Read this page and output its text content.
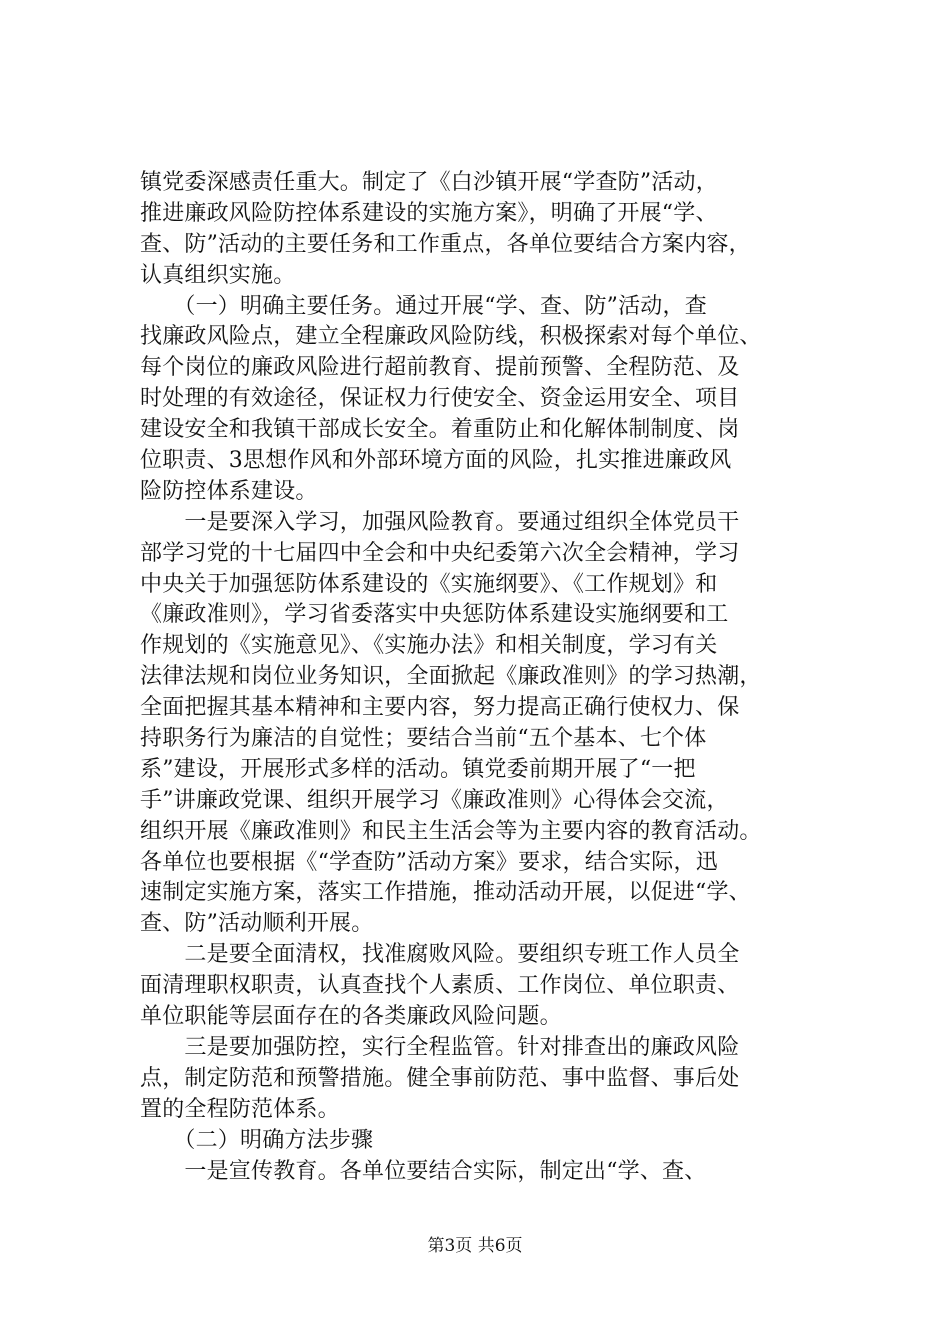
镇党委深感责任重大。制定了《白沙镇开展“学查防”活动，
推进廉政风险防控体系建设的实施方案》，明确了开展“学、
查、防”活动的主要任务和工作重点，各单位要结合方案内容，
认真组织实施。
　　（一）明确主要任务。通过开展“学、查、防”活动，查
找廉政风险点，建立全程廉政风险防线，积极探索对每个单位、
每个岗位的廉政风险进行超前教育、提前预警、全程防范、及
时处理的有效途径，保证权力行使安全、资金运用安全、项目
建设安全和我镇干部成长安全。着重防止和化解体制制度、岗
位职责、3思想作风和外部环境方面的风险，扎实推进廉政风
险防控体系建设。
　　一是要深入学习，加强风险教育。要通过组织全体党员干
部学习党的十七届四中全会和中央纪委第六次全会精神，学习
中央关于加强惩防体系建设的《实施纲要》、《工作规划》和
《廉政准则》，学习省委落实中央惩防体系建设实施纲要和工
作规划的《实施意见》、《实施办法》和相关制度，学习有关
法律法规和岗位业务知识，全面掀起《廉政准则》的学习热潮，
全面把握其基本精神和主要内容，努力提高正确行使权力、保
持职务行为廉洁的自觉性；要结合当前“五个基本、七个体
系”建设，开展形式多样的活动。镇党委前期开展了“一把
手”讲廉政党课、组织开展学习《廉政准则》心得体会交流，
组织开展《廉政准则》和民主生活会等为主要内容的教育活动。
各单位也要根据《“学查防”活动方案》要求，结合实际，迅
速制定实施方案，落实工作措施，推动活动开展，以促进“学、
查、防”活动顺利开展。
　　二是要全面清权，找准腐败风险。要组织专班工作人员全
面清理职权职责，认真查找个人素质、工作岗位、单位职责、
单位职能等层面存在的各类廉政风险问题。
　　三是要加强防控，实行全程监管。针对排查出的廉政风险
点，制定防范和预警措施。健全事前防范、事中监督、事后处
置的全程防范体系。
　　（二）明确方法步骤
　　一是宣传教育。各单位要结合实际，制定出“学、查、
第3页 共6页
